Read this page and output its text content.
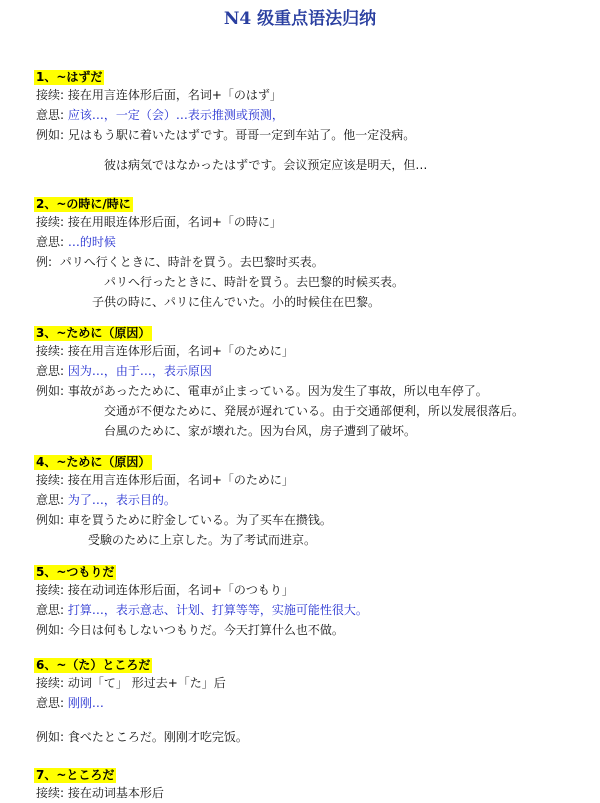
N4 级重点语法归纳
1、~はずだ
接续: 接在用言连体形后面，名词+「のはず」
意思: 应该…，一定（会）…表示推测或预测，
例如: 兄はもう駅に着いたはずです。哥哥一定到车站了。他一定没病。
彼は病気ではなかったはずです。会议预定应该是明天，但…
2、~の時に/時に
接续: 接在用眼连体形后面，名词+「の時に」
意思: …的时候
例: パリへ行くときに、時計を買う。去巴黎时买表。
パリへ行ったときに、時計を買う。去巴黎的时候买表。
子供の時に、パリに住んでいた。小的时候住在巴黎。
3、~ために（原因）
接续: 接在用言连体形后面，名词+「のために」
意思: 因为…，由于…，表示原因
例如: 事故があったために、電車が止まっている。因为发生了事故，所以电车停了。
交通が不便なために、発展が遅れている。由于交通部便利，所以发展很落后。
台風のために、家が壊れた。因为台风，房子遭到了破坏。
4、~ために（原因）
接续: 接在用言连体形后面，名词+「のために」
意思: 为了…，表示目的。
例如: 車を買うために貯金している。为了买车在攒钱。
受験のために上京した。为了考试而进京。
5、~つもりだ
接续: 接在动词连体形后面，名词+「のつもり」
意思: 打算…，表示意志、计划、打算等等，实施可能性很大。
例如: 今日は何もしないつもりだ。今天打算什么也不做。
6、~（た）ところだ
接续: 动词「て」 形过去+「た」后
意思: 刚刚…
例如: 食べたところだ。刚刚才吃完饭。
7、~ところだ
接续: 接在动词基本形后
